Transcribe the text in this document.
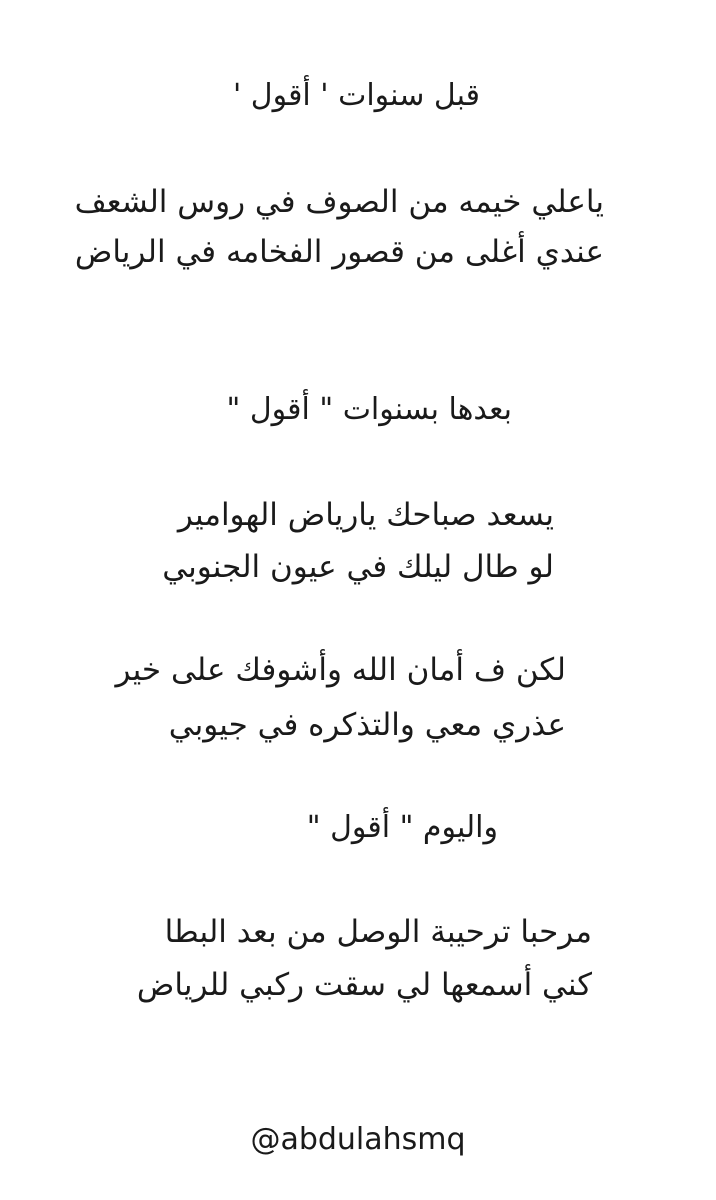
قبل سنوات ' أقول '
ياعلي خيمه من الصوف في روس الشعف
عندي أغلى من قصور الفخامه في الرياض
بعدها بسنوات " أقول "
يسعد صباحك يارياض الهوامير
لو طال ليلك في عيون الجنوبي
لكن ف أمان الله وأشوفك على خير
عذري معي والتذكره في جيوبي
واليوم " أقول "
مرحبا ترحيبة الوصل من بعد البطا
كني أسمعها لي سقت ركبي للرياض
@abdulahsmq
